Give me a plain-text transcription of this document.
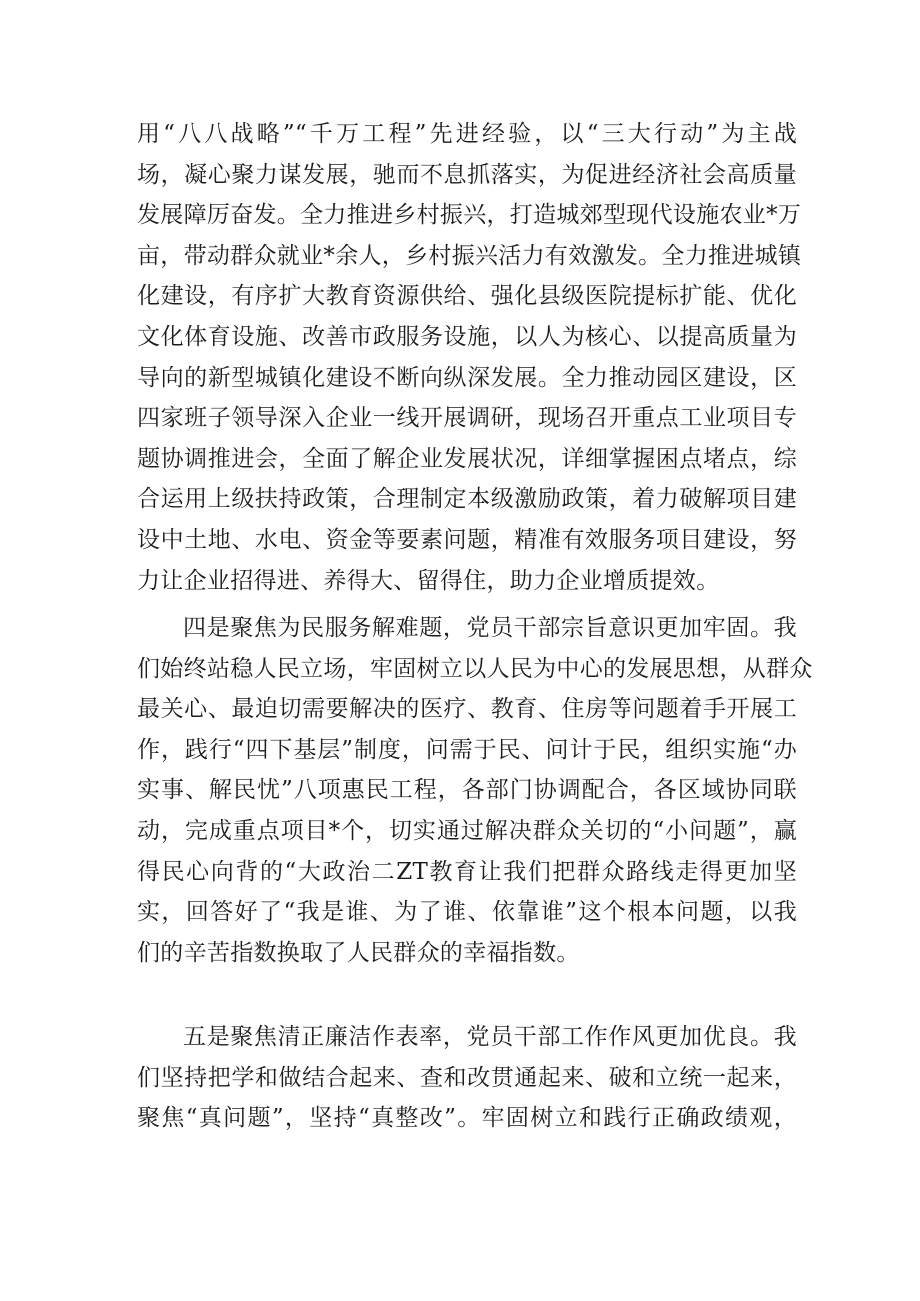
用“八八战略”“千万工程”先进经验，以“三大行动”为主战
场，凝心聚力谋发展，驰而不息抓落实，为促进经济社会高质量
发展障厉奋发。全力推进乡村振兴，打造城郊型现代设施农业*万
亩，带动群众就业*余人，乡村振兴活力有效激发。全力推进城镇
化建设，有序扩大教育资源供给、强化县级医院提标扩能、优化
文化体育设施、改善市政服务设施，以人为核心、以提高质量为
导向的新型城镇化建设不断向纵深发展。全力推动园区建设，区
四家班子领导深入企业一线开展调研，现场召开重点工业项目专
题协调推进会，全面了解企业发展状况，详细掌握困点堵点，综
合运用上级扶持政策，合理制定本级激励政策，着力破解项目建
设中土地、水电、资金等要素问题，精准有效服务项目建设，努
力让企业招得进、养得大、留得住，助力企业增质提效。
四是聚焦为民服务解难题，党员干部宗旨意识更加牢固。我
们始终站稳人民立场，牢固树立以人民为中心的发展思想，从群众
最关心、最迫切需要解决的医疗、教育、住房等问题着手开展工
作，践行“四下基层”制度，问需于民、问计于民，组织实施“办
实事、解民忧”八项惠民工程，各部门协调配合，各区域协同联
动，完成重点项目*个，切实通过解决群众关切的“小问题”，赢
得民心向背的“大政治二ZT教育让我们把群众路线走得更加坚
实，回答好了“我是谁、为了谁、依靠谁”这个根本问题，以我
们的辛苦指数换取了人民群众的幸福指数。
五是聚焦清正廉洁作表率，党员干部工作作风更加优良。我
们坚持把学和做结合起来、查和改贯通起来、破和立统一起来，
聚焦“真问题”，坚持“真整改”。牢固树立和践行正确政绩观，
